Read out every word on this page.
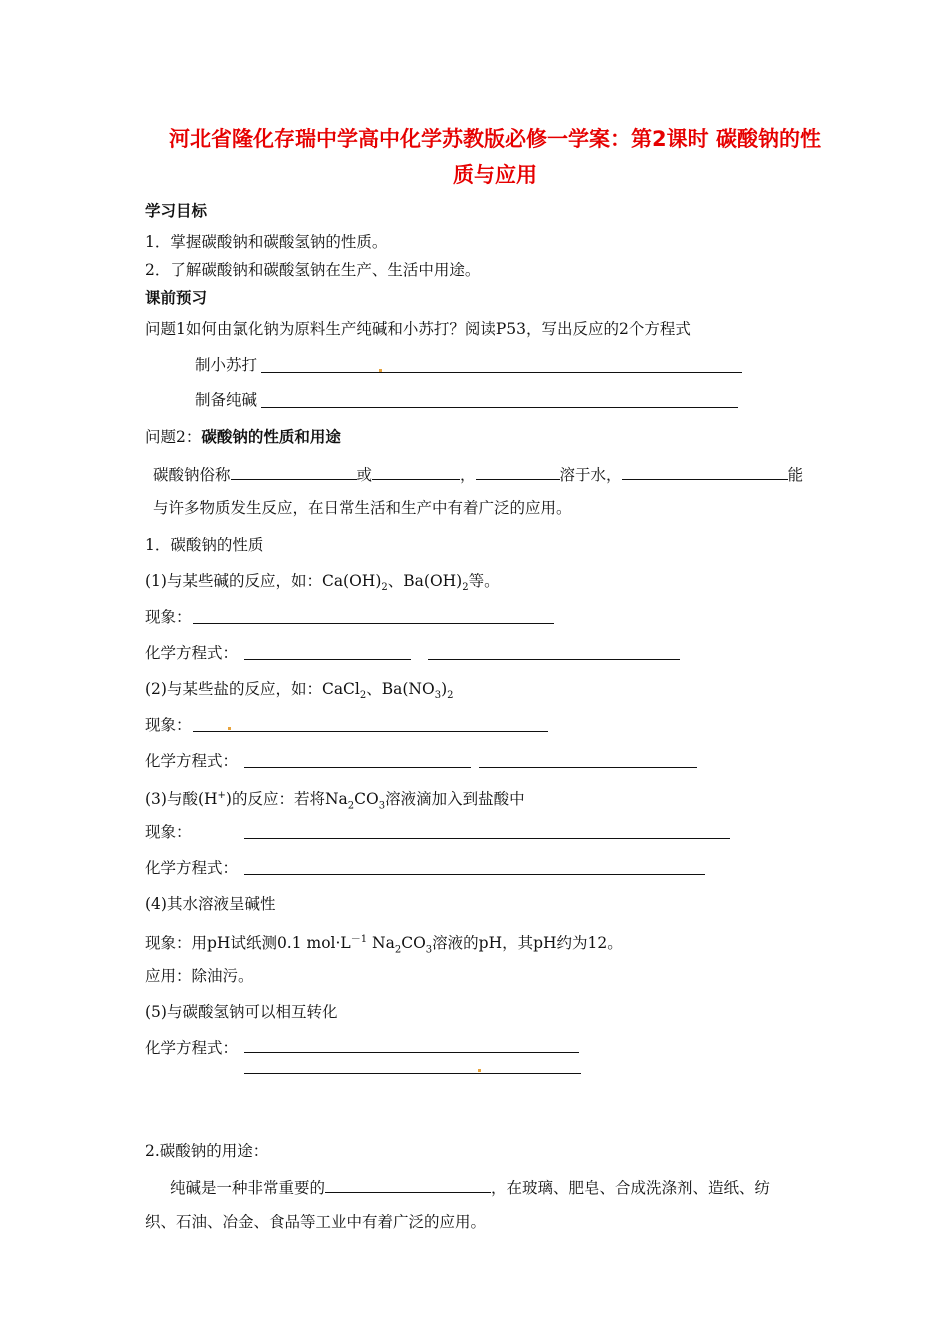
河北省隆化存瑞中学高中化学苏教版必修一学案：第2课时 碳酸钠的性
质与应用
学习目标
1．掌握碳酸钠和碳酸氢钠的性质。
2．了解碳酸钠和碳酸氢钠在生产、生活中用途。
课前预习
问题1如何由氯化钠为原料生产纯碱和小苏打？阅读P53，写出反应的2个方程式
制小苏打
制备纯碱
问题2：碳酸钠的性质和用途
碳酸钠俗称	或	，	溶于水，	能
与许多物质发生反应，在日常生活和生产中有着广泛的应用。
1．碳酸钠的性质
(1)与某些碱的反应，如：$Ca(OH)_2$、$Ba(OH)_2$等。
现象：
化学方程式：
(2)与某些盐的反应，如：CaCl$_2$、$Ba(NO_3)_2$
现象：
化学方程式：
(3)与酸(H+)的反应：若将$Na_2CO_3$溶液滴加入到盐酸中
现象：
化学方程式：
(4)其水溶液呈碱性
现象：用pH试纸测0.1 $mol\cdot L^{-1}$ $Na_2CO_3$溶液的pH，其pH约为12。
应用：除油污。
(5)与碳酸氢钠可以相互转化
化学方程式：
2.碳酸钠的用途：
纯碱是一种非常重要的	，在玻璃、肥皂、合成洗涤剂、造纸、纺
织、石油、冶金、食品等工业中有着广泛的应用。
